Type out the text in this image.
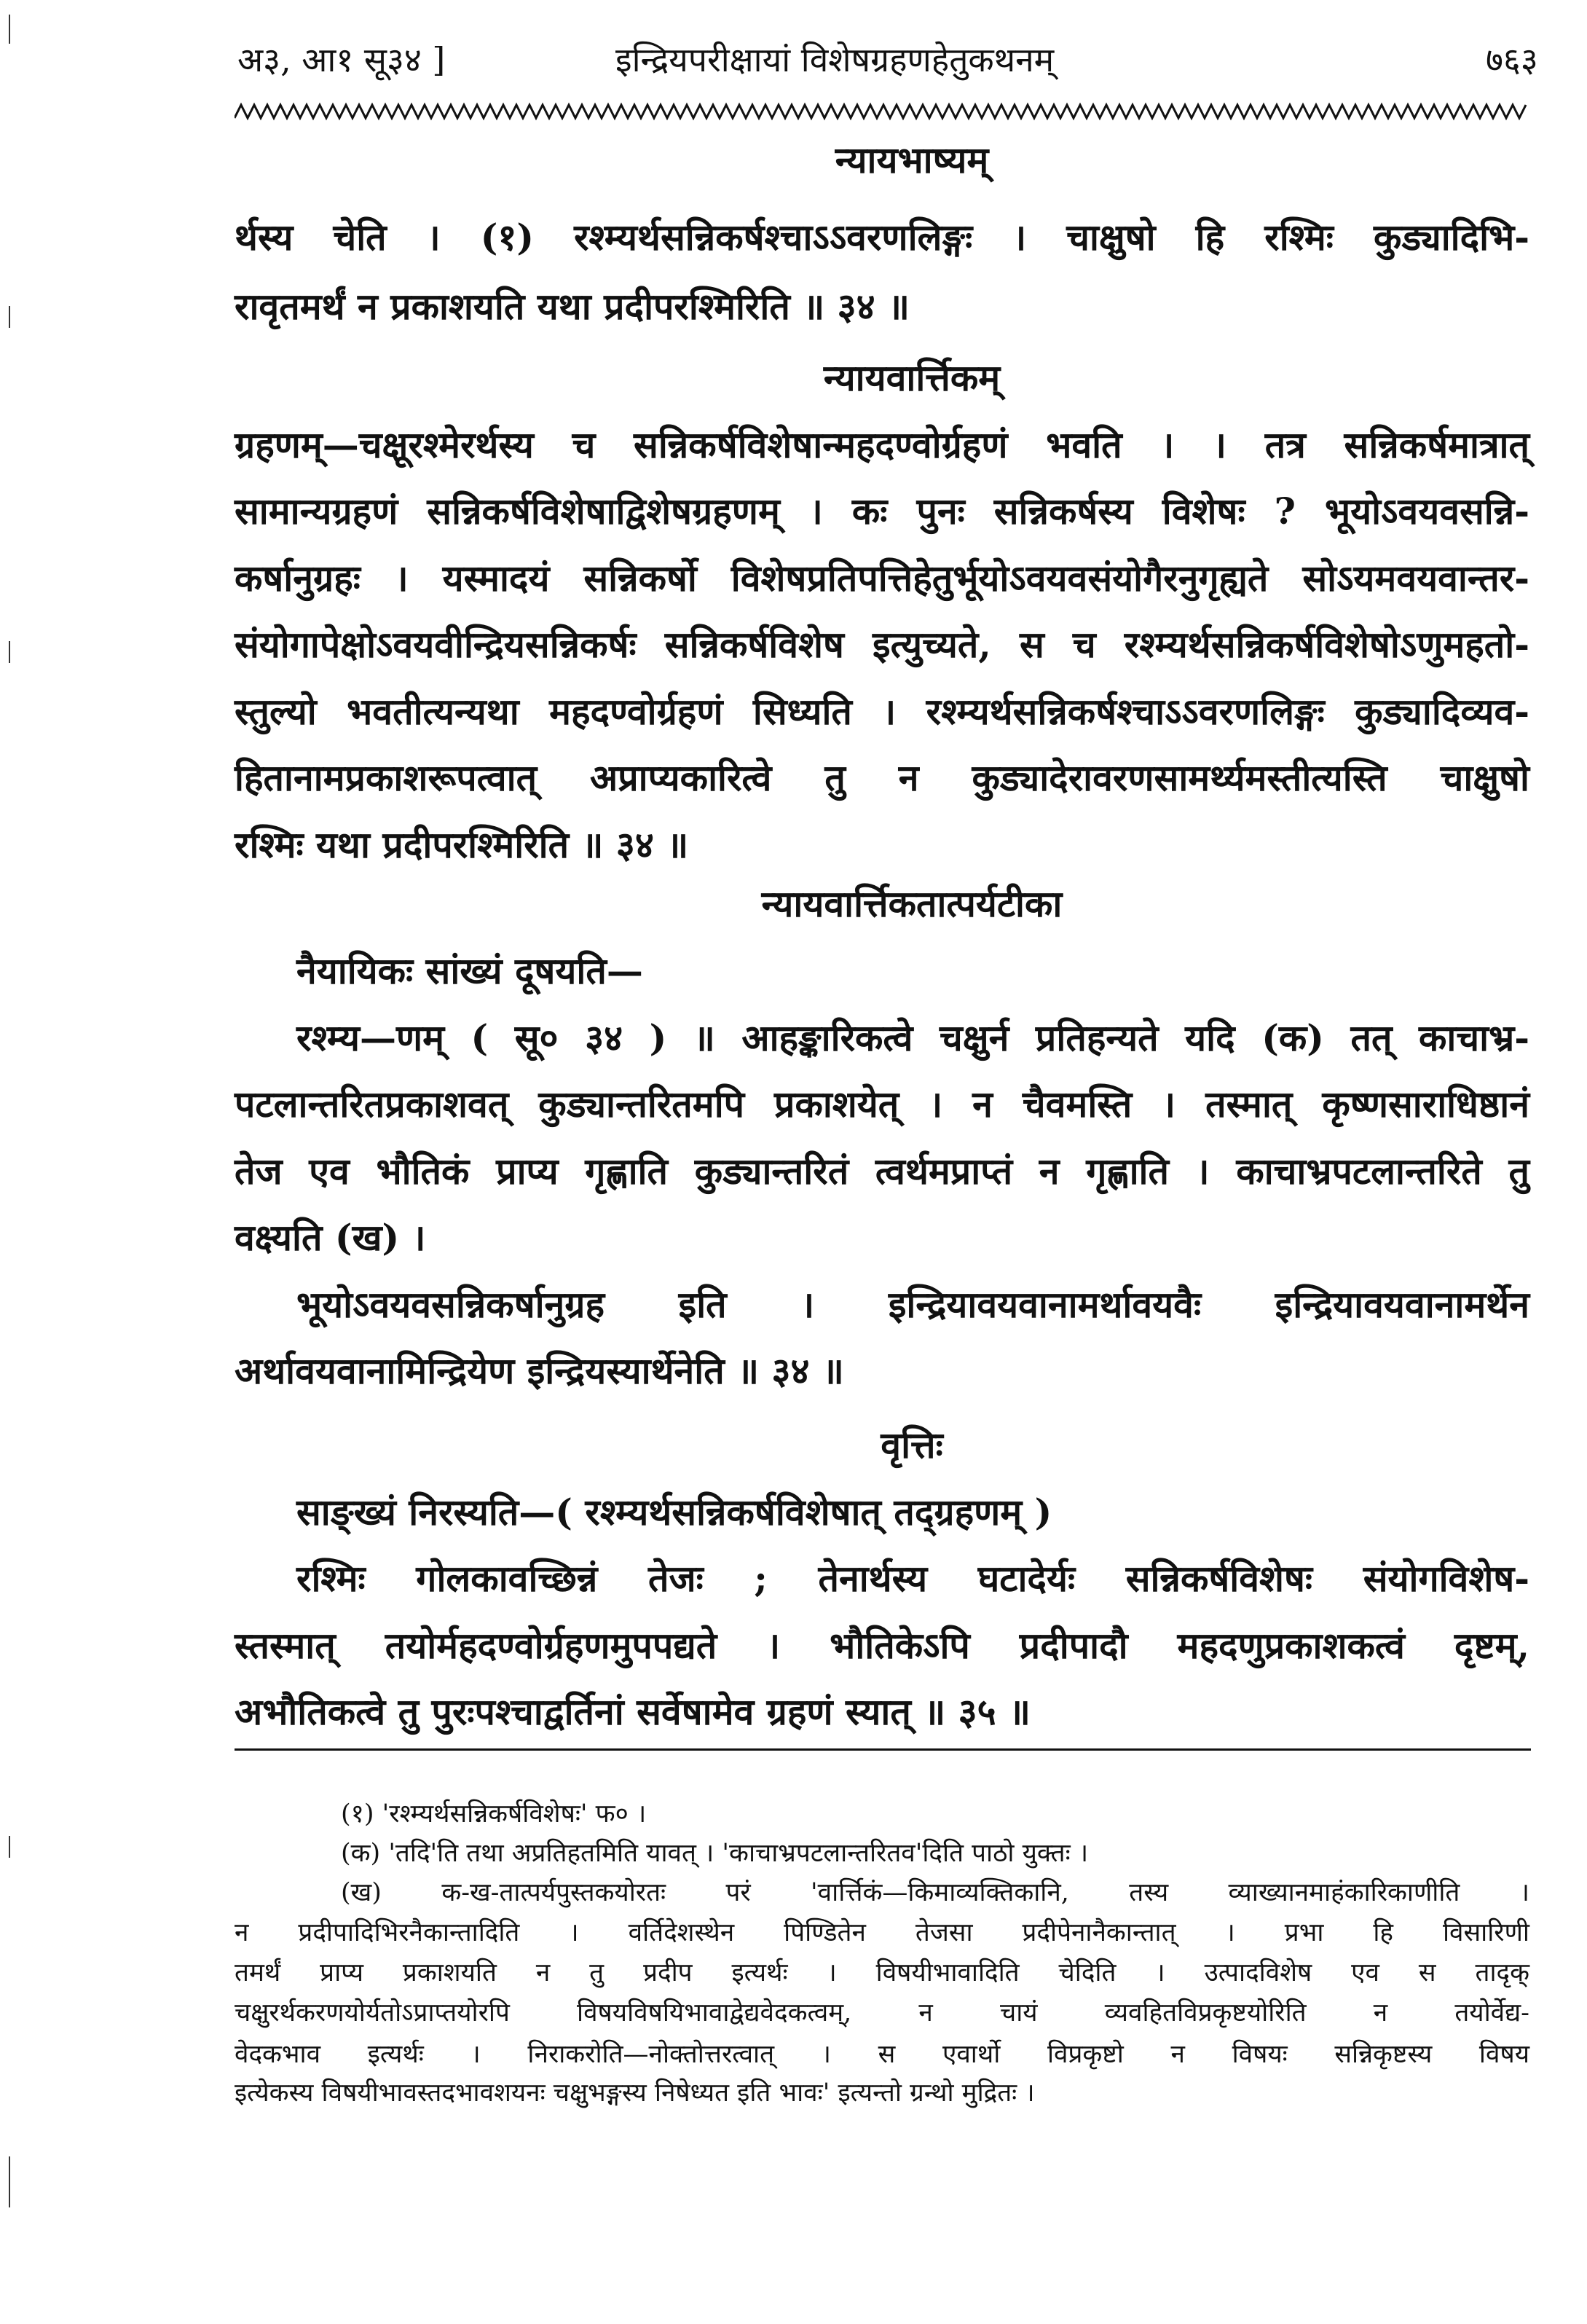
अ३, आ१ सू३४ ]	इन्द्रियपरीक्षायां विशेषग्रहणहेतुकथनम्	७६३
न्यायभाष्यम्
र्थस्य चेति । (१) रश्म्यर्थसन्निकर्षश्चाऽऽवरणलिङ्गः । चाक्षुषो हि रश्मिः कुड्यादिभि-
रावृतमर्थं न प्रकाशयति यथा प्रदीपरश्मिरिति ॥ ३४ ॥
न्यायवार्त्तिकम्
ग्रहणम्—चक्षूरश्मेरर्थस्य च सन्निकर्षविशेषान्महदण्वोर्ग्रहणं भवति । । तत्र सन्निकर्षमात्रात्
सामान्यग्रहणं सन्निकर्षविशेषाद्विशेषग्रहणम् । कः पुनः सन्निकर्षस्य विशेषः ? भूयोऽवयवसन्नि-
कर्षानुग्रहः । यस्मादयं सन्निकर्षो विशेषप्रतिपत्तिहेतुर्भूयोऽवयवसंयोगैरनुगृह्यते सोऽयमवयवान्तर-
संयोगापेक्षोऽवयवीन्द्रियसन्निकर्षः सन्निकर्षविशेष इत्युच्यते, स च रश्म्यर्थसन्निकर्षविशेषोऽणुमहतो-
स्तुल्यो भवतीत्यन्यथा महदण्वोर्ग्रहणं सिध्यति । रश्म्यर्थसन्निकर्षश्चाऽऽवरणलिङ्गः कुड्यादिव्यव-
हितानामप्रकाशरूपत्वात् अप्राप्यकारित्वे तु न कुड्यादेरावरणसामर्थ्यमस्तीत्यस्ति चाक्षुषो
रश्मिः यथा प्रदीपरश्मिरिति ॥ ३४ ॥
न्यायवार्त्तिकतात्पर्यटीका
नैयायिकः सांख्यं दूषयति—
रश्म्य—णम् ( सू० ३४ ) ॥ आहङ्कारिकत्वे चक्षुर्न प्रतिहन्यते यदि (क) तत् काचाभ्र-
पटलान्तरितप्रकाशवत् कुड्यान्तरितमपि प्रकाशयेत् । न चैवमस्ति । तस्मात् कृष्णसाराधिष्ठानं
तेज एव भौतिकं प्राप्य गृह्णाति कुड्यान्तरितं त्वर्थमप्राप्तं न गृह्णाति । काचाभ्रपटलान्तरिते तु
वक्ष्यति (ख) ।
भूयोऽवयवसन्निकर्षानुग्रह इति । इन्द्रियावयवानामर्थावयवैः इन्द्रियावयवानामर्थेन
अर्थावयवानामिन्द्रियेण इन्द्रियस्यार्थेनेति ॥ ३४ ॥
वृत्तिः
साङ्ख्यं निरस्यति—( रश्म्यर्थसन्निकर्षविशेषात् तद्ग्रहणम् )
रश्मिः गोलकावच्छिन्नं तेजः ; तेनार्थस्य घटादेर्यः सन्निकर्षविशेषः संयोगविशेष-
स्तस्मात् तयोर्महदण्वोर्ग्रहणमुपपद्यते । भौतिकेऽपि प्रदीपादौ महदणुप्रकाशकत्वं दृष्टम्,
अभौतिकत्वे तु पुरःपश्चाद्वर्तिनां सर्वेषामेव ग्रहणं स्यात् ॥ ३५ ॥
(१) 'रश्म्यर्थसन्निकर्षविशेषः' फ० ।
(क) 'तदि'ति तथा अप्रतिहतमिति यावत् । 'काचाभ्रपटलान्तरितव'दिति पाठो युक्तः ।
(ख) क-ख-तात्पर्यपुस्तकयोरतः परं 'वार्त्तिकं—किमाव्यक्तिकानि, तस्य व्याख्यानमाहंकारिकाणीति ।
न प्रदीपादिभिरनैकान्तादिति । वर्तिदेशस्थेन पिण्डितेन तेजसा प्रदीपेनानैकान्तात् । प्रभा हि विसारिणी
तमर्थं प्राप्य प्रकाशयति न तु प्रदीप इत्यर्थः । विषयीभावादिति चेदिति । उत्पादविशेष एव स तादृक्
चक्षुरर्थकरणयोर्यतोऽप्राप्तयोरपि विषयविषयिभावाद्वेद्यवेदकत्वम्, न चायं व्यवहितविप्रकृष्टयोरिति न तयोर्वेद्य-
वेदकभाव इत्यर्थः । निराकरोति—नोक्तोत्तरत्वात् । स एवार्थो विप्रकृष्टो न विषयः सन्निकृष्टस्य विषय
इत्येकस्य विषयीभावस्तदभावशयनः चक्षुभङ्गस्य निषेध्यत इति भावः' इत्यन्तो ग्रन्थो मुद्रितः ।
